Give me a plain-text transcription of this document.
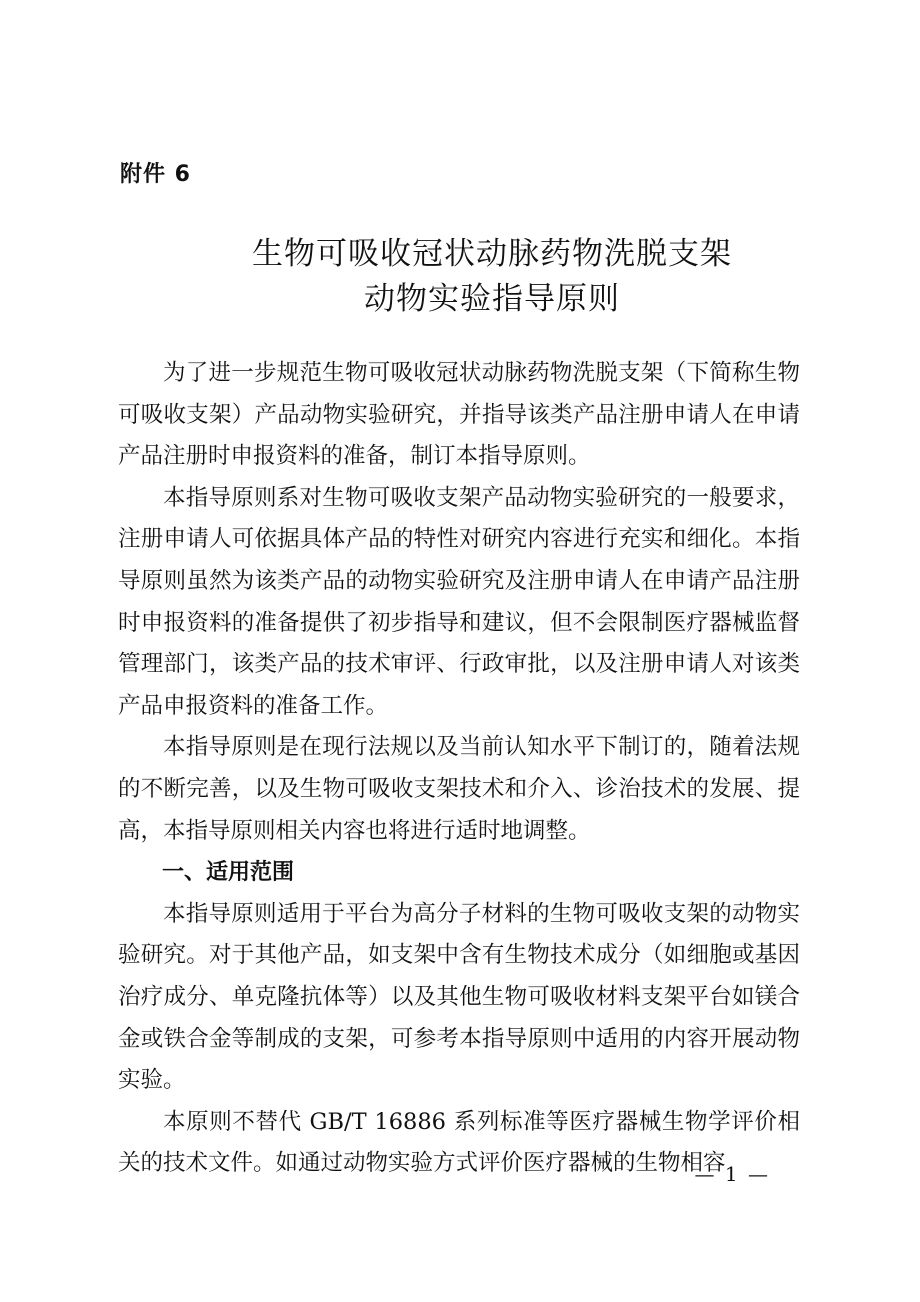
附件 6
生物可吸收冠状动脉药物洗脱支架
动物实验指导原则

为了进一步规范生物可吸收冠状动脉药物洗脱支架（下简称生物可吸收支架）产品动物实验研究，并指导该类产品注册申请人在申请产品注册时申报资料的准备，制订本指导原则。

本指导原则系对生物可吸收支架产品动物实验研究的一般要求，注册申请人可依据具体产品的特性对研究内容进行充实和细化。本指导原则虽然为该类产品的动物实验研究及注册申请人在申请产品注册时申报资料的准备提供了初步指导和建议，但不会限制医疗器械监督管理部门，该类产品的技术审评、行政审批，以及注册申请人对该类产品申报资料的准备工作。

本指导原则是在现行法规以及当前认知水平下制订的，随着法规的不断完善，以及生物可吸收支架技术和介入、诊治技术的发展、提高，本指导原则相关内容也将进行适时地调整。

一、适用范围

本指导原则适用于平台为高分子材料的生物可吸收支架的动物实验研究。对于其他产品，如支架中含有生物技术成分（如细胞或基因治疗成分、单克隆抗体等）以及其他生物可吸收材料支架平台如镁合金或铁合金等制成的支架，可参考本指导原则中适用的内容开展动物实验。

本原则不替代 GB/T 16886 系列标准等医疗器械生物学评价相关的技术文件。如通过动物实验方式评价医疗器械的生物相容

— 1 —
